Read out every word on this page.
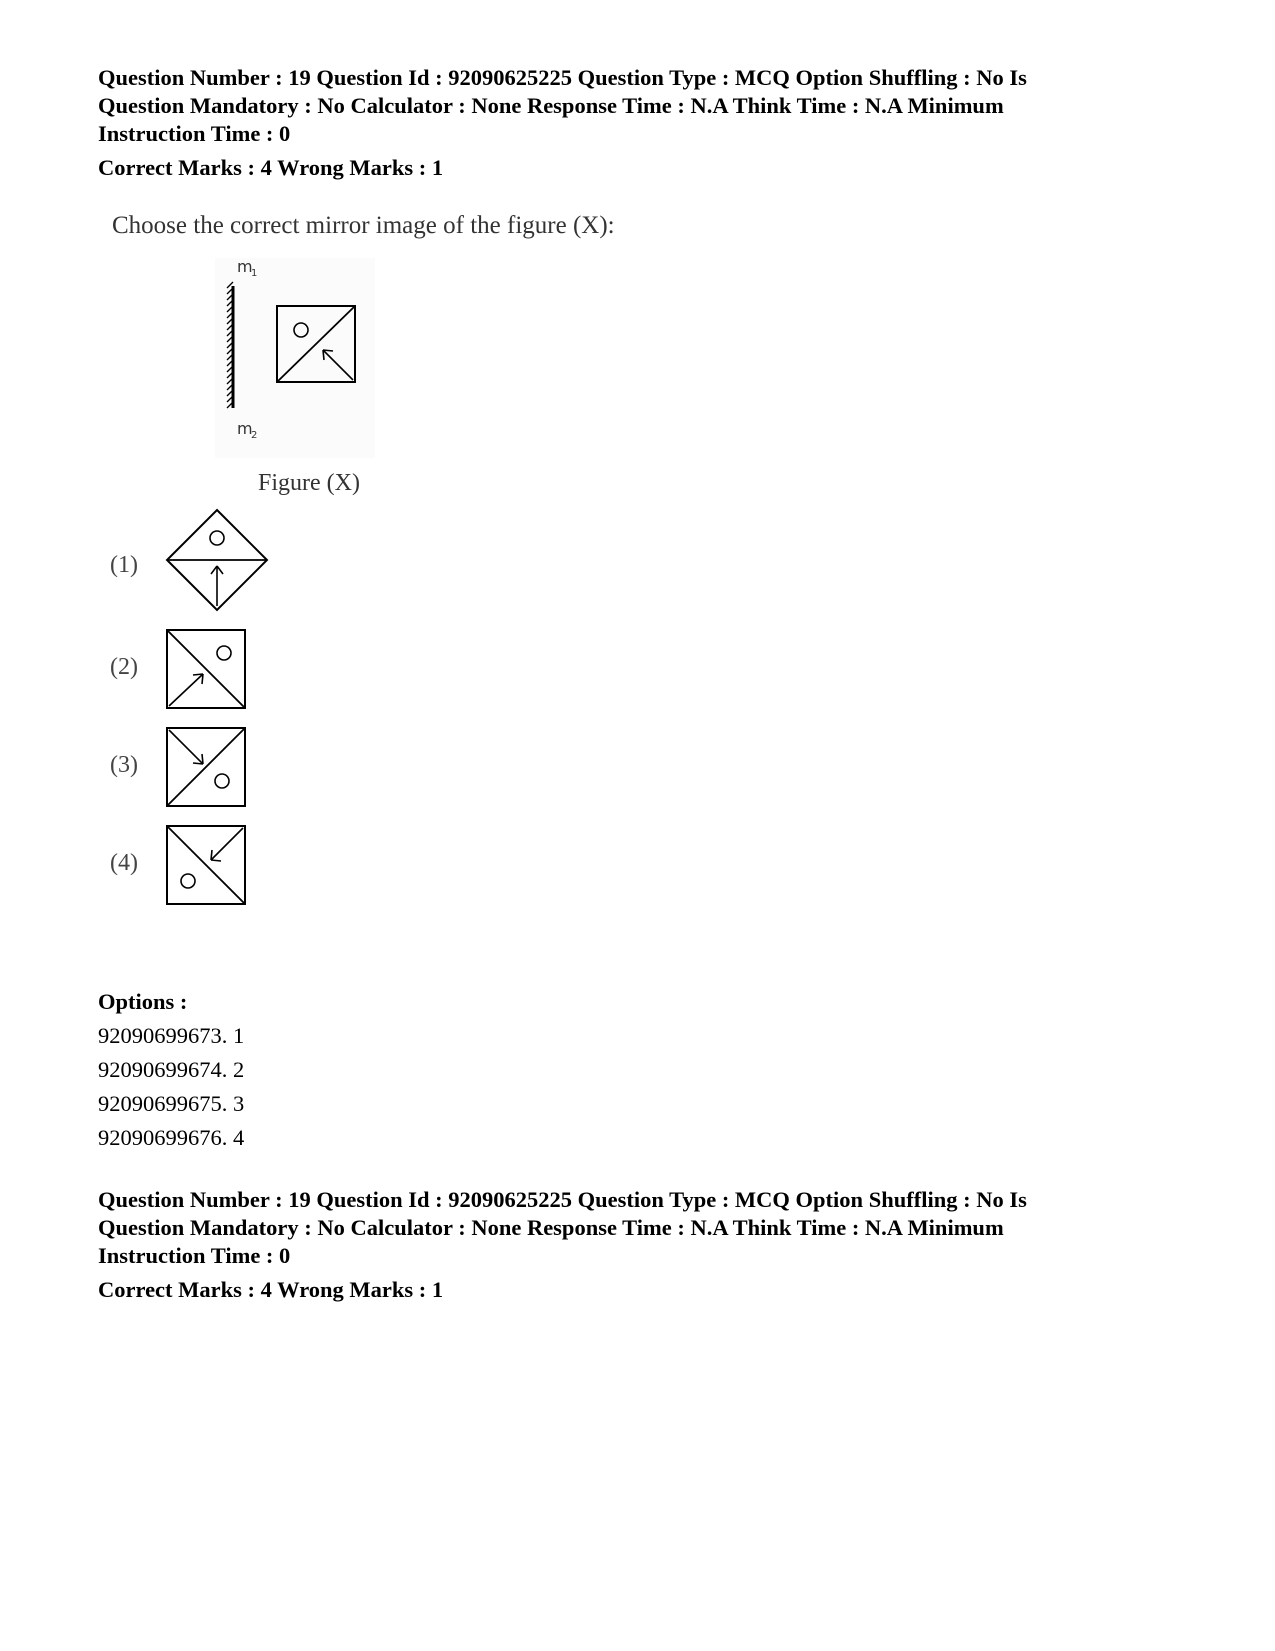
Question Number : 19 Question Id : 92090625225 Question Type : MCQ Option Shuffling : No Is

Question Mandatory : No Calculator : None Response Time : N.A Think Time : N.A Minimum

Instruction Time : 0

Correct Marks : 4 Wrong Marks : 1

Choose the correct mirror image of the figure (X):
m
1
m
2
Figure (X)
(1)
(2)
(3)
(4)
Options :
92090699673. 1
92090699674. 2
92090699675. 3
92090699676. 4

Question Number : 19 Question Id : 92090625225 Question Type : MCQ Option Shuffling : No Is

Question Mandatory : No Calculator : None Response Time : N.A Think Time : N.A Minimum

Instruction Time : 0

Correct Marks : 4 Wrong Marks : 1
